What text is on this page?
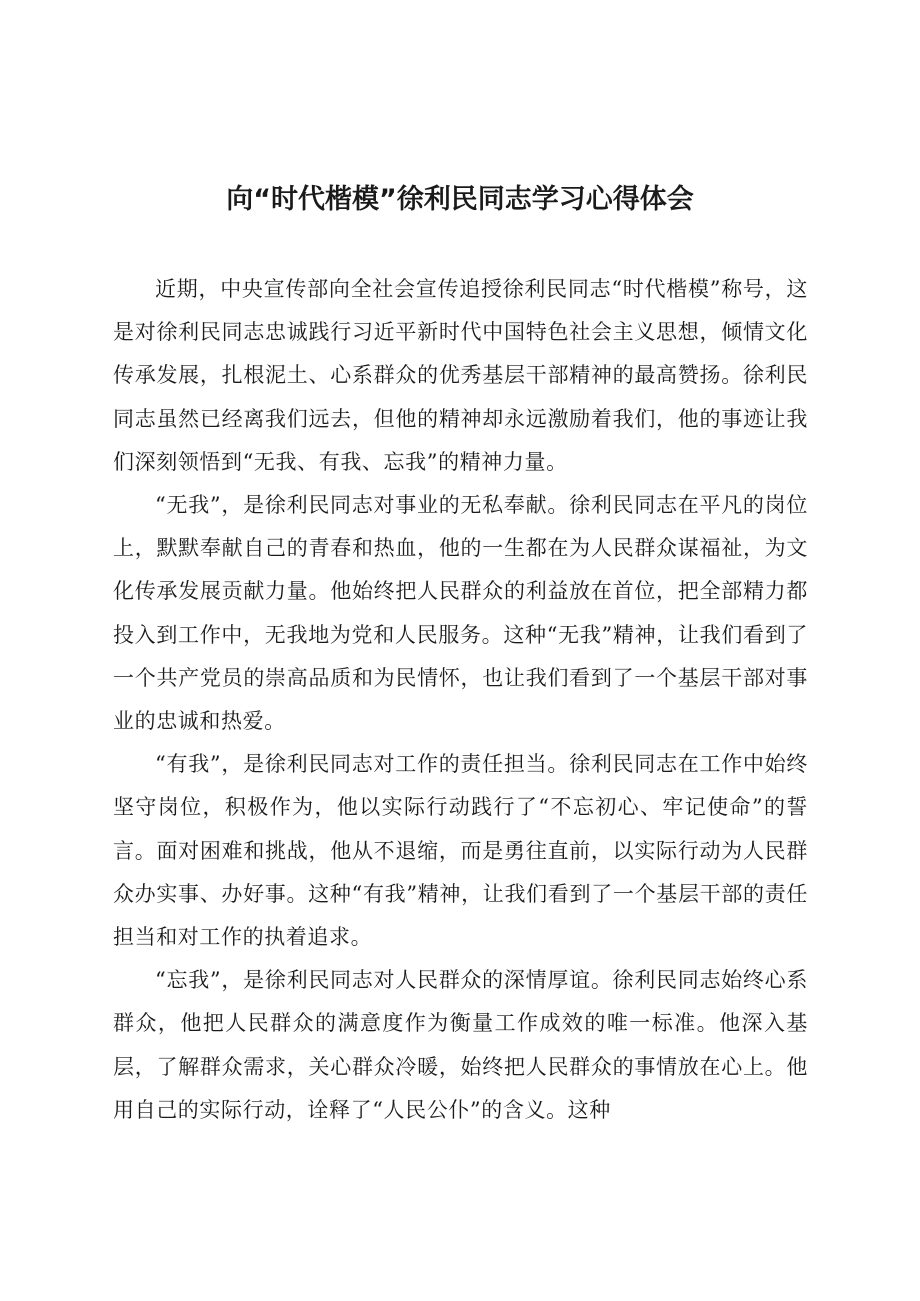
向“时代楷模”徐利民同志学习心得体会

近期，中央宣传部向全社会宣传追授徐利民同志“时代楷模”称号，这是对徐利民同志忠诚践行习近平新时代中国特色社会主义思想，倾情文化传承发展，扎根泥土、心系群众的优秀基层干部精神的最高赞扬。徐利民同志虽然已经离我们远去，但他的精神却永远激励着我们，他的事迹让我们深刻领悟到“无我、有我、忘我”的精神力量。

“无我”，是徐利民同志对事业的无私奉献。徐利民同志在平凡的岗位上，默默奉献自己的青春和热血，他的一生都在为人民群众谋福祉，为文化传承发展贡献力量。他始终把人民群众的利益放在首位，把全部精力都投入到工作中，无我地为党和人民服务。这种“无我”精神，让我们看到了一个共产党员的崇高品质和为民情怀，也让我们看到了一个基层干部对事业的忠诚和热爱。

“有我”，是徐利民同志对工作的责任担当。徐利民同志在工作中始终坚守岗位，积极作为，他以实际行动践行了“不忘初心、牢记使命”的誓言。面对困难和挑战，他从不退缩，而是勇往直前，以实际行动为人民群众办实事、办好事。这种“有我”精神，让我们看到了一个基层干部的责任担当和对工作的执着追求。

“忘我”，是徐利民同志对人民群众的深情厚谊。徐利民同志始终心系群众，他把人民群众的满意度作为衡量工作成效的唯一标准。他深入基层，了解群众需求，关心群众冷暖，始终把人民群众的事情放在心上。他用自己的实际行动，诠释了“人民公仆”的含义。这种
